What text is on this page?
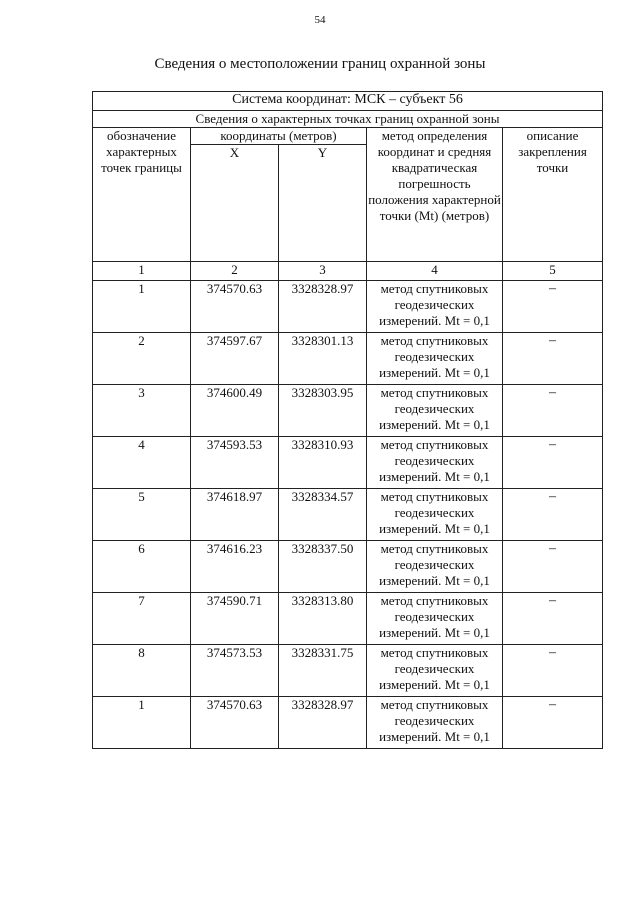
54
Сведения о местоположении границ охранной зоны
Система координат: МСК – субъект 56				
Сведения о характерных точках границ охранной зоны				
обозначение характерных точек границы	координаты (метров)		метод определения координат и средняя квадратическая погрешность положения характерной точки (Mt) (метров)	описание закрепления точки
	X	Y		
1	2	3	4	5
1	374570.63	3328328.97	метод спутниковых геодезических измерений. Mt = 0,1	–
2	374597.67	3328301.13	метод спутниковых геодезических измерений. Mt = 0,1	–
3	374600.49	3328303.95	метод спутниковых геодезических измерений. Mt = 0,1	–
4	374593.53	3328310.93	метод спутниковых геодезических измерений. Mt = 0,1	–
5	374618.97	3328334.57	метод спутниковых геодезических измерений. Mt = 0,1	–
6	374616.23	3328337.50	метод спутниковых геодезических измерений. Mt = 0,1	–
7	374590.71	3328313.80	метод спутниковых геодезических измерений. Mt = 0,1	–
8	374573.53	3328331.75	метод спутниковых геодезических измерений. Mt = 0,1	–
1	374570.63	3328328.97	метод спутниковых геодезических измерений. Mt = 0,1	–
